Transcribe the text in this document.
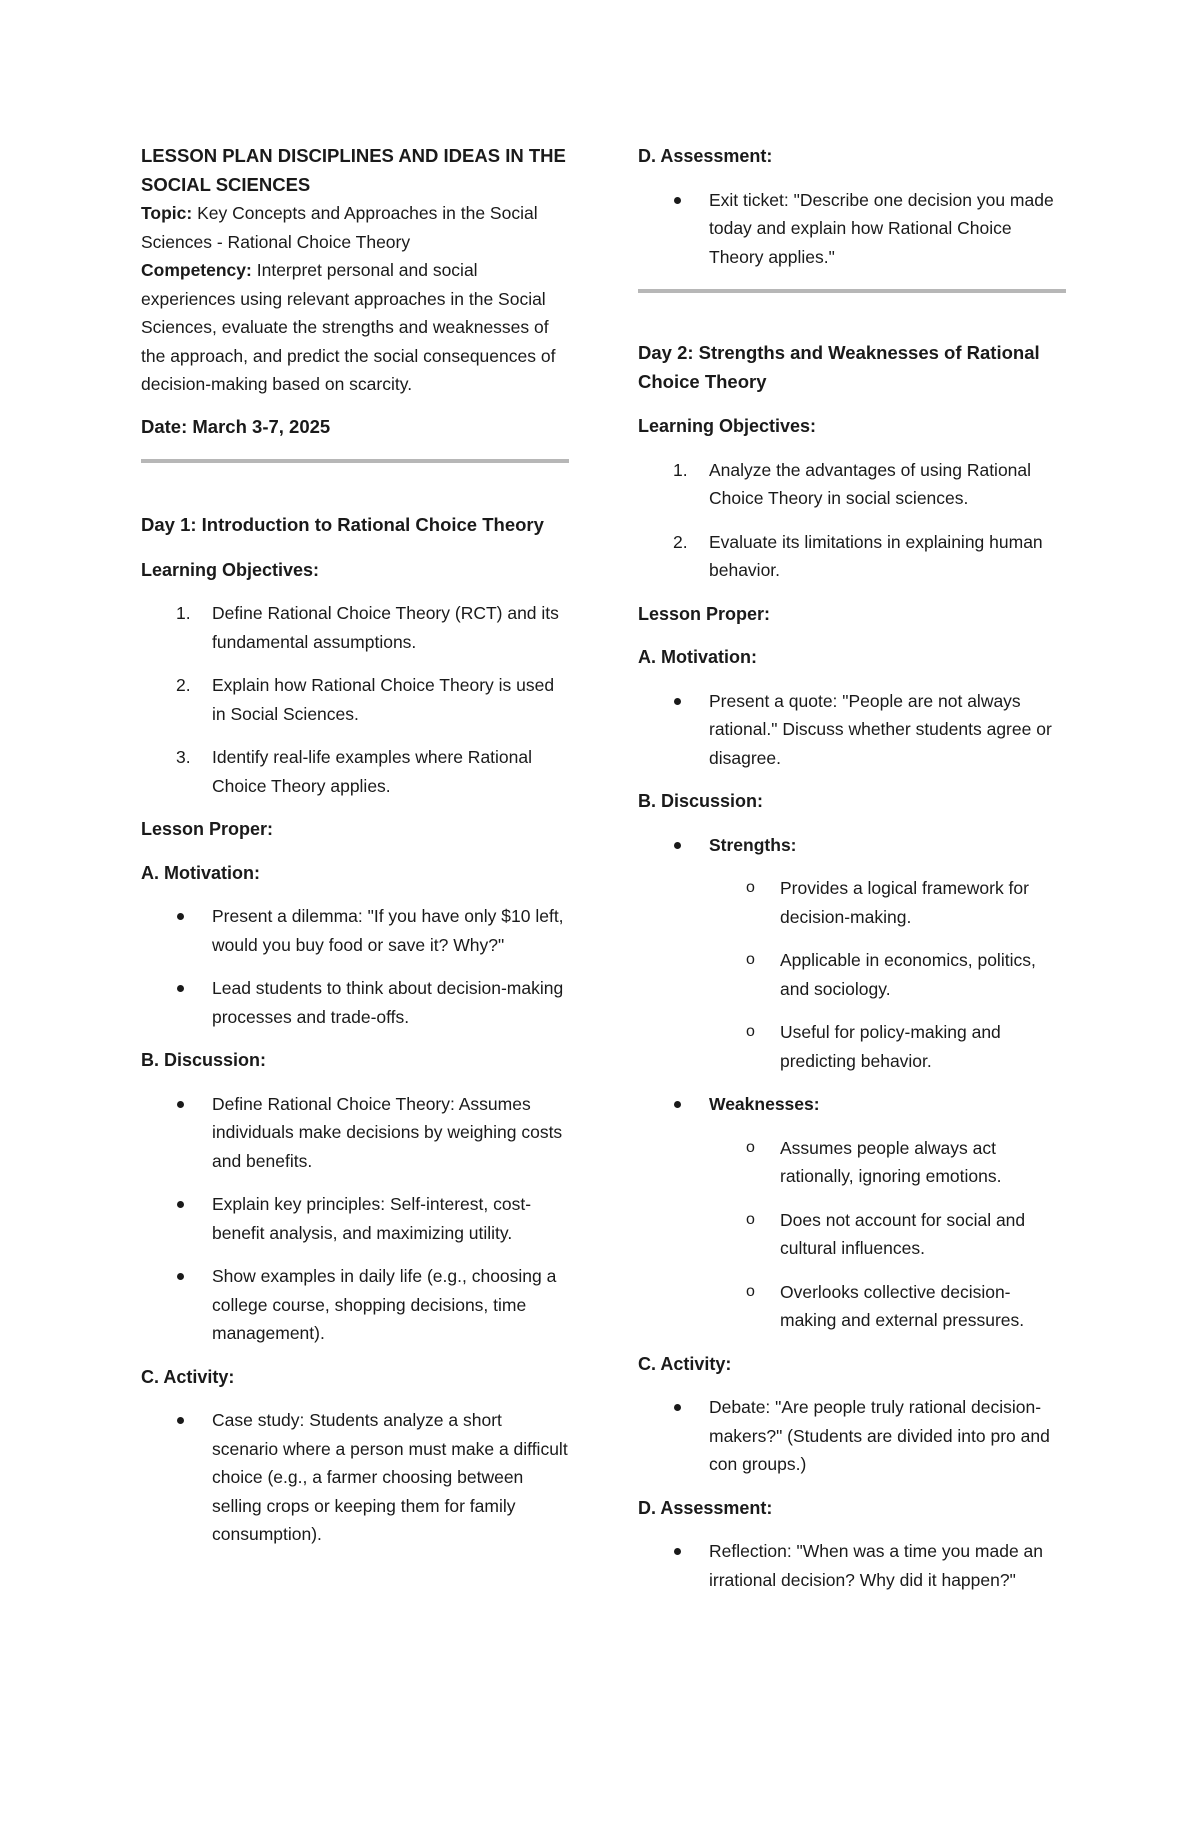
LESSON PLAN DISCIPLINES AND IDEAS IN THE SOCIAL SCIENCES

Topic: Key Concepts and Approaches in the Social Sciences - Rational Choice Theory

Competency: Interpret personal and social experiences using relevant approaches in the Social Sciences, evaluate the strengths and weaknesses of the approach, and predict the social consequences of decision-making based on scarcity.

Date: March 3-7, 2025

Day 1: Introduction to Rational Choice Theory
Learning Objectives:
1.	Define Rational Choice Theory (RCT) and its fundamental assumptions.
2.	Explain how Rational Choice Theory is used in Social Sciences.
3.	Identify real-life examples where Rational Choice Theory applies.
Lesson Proper:
A. Motivation:
Present a dilemma: "If you have only $10 left, would you buy food or save it? Why?"
Lead students to think about decision-making processes and trade-offs.
B. Discussion:
Define Rational Choice Theory: Assumes individuals make decisions by weighing costs and benefits.
Explain key principles: Self-interest, cost-benefit analysis, and maximizing utility.
Show examples in daily life (e.g., choosing a college course, shopping decisions, time management).
C. Activity:
Case study: Students analyze a short scenario where a person must make a difficult choice (e.g., a farmer choosing between selling crops or keeping them for family consumption).
D. Assessment:
Exit ticket: "Describe one decision you made today and explain how Rational Choice Theory applies."
Day 2: Strengths and Weaknesses of Rational Choice Theory
Learning Objectives:
1.	Analyze the advantages of using Rational Choice Theory in social sciences.
2.	Evaluate its limitations in explaining human behavior.
Lesson Proper:
A. Motivation:
Present a quote: "People are not always rational." Discuss whether students agree or disagree.
B. Discussion:
Strengths:
o	Provides a logical framework for decision-making.
o	Applicable in economics, politics, and sociology.
o	Useful for policy-making and predicting behavior.
Weaknesses:
o	Assumes people always act rationally, ignoring emotions.
o	Does not account for social and cultural influences.
o	Overlooks collective decision-making and external pressures.
C. Activity:
Debate: "Are people truly rational decision-makers?" (Students are divided into pro and con groups.)
D. Assessment:
Reflection: "When was a time you made an irrational decision? Why did it happen?"
